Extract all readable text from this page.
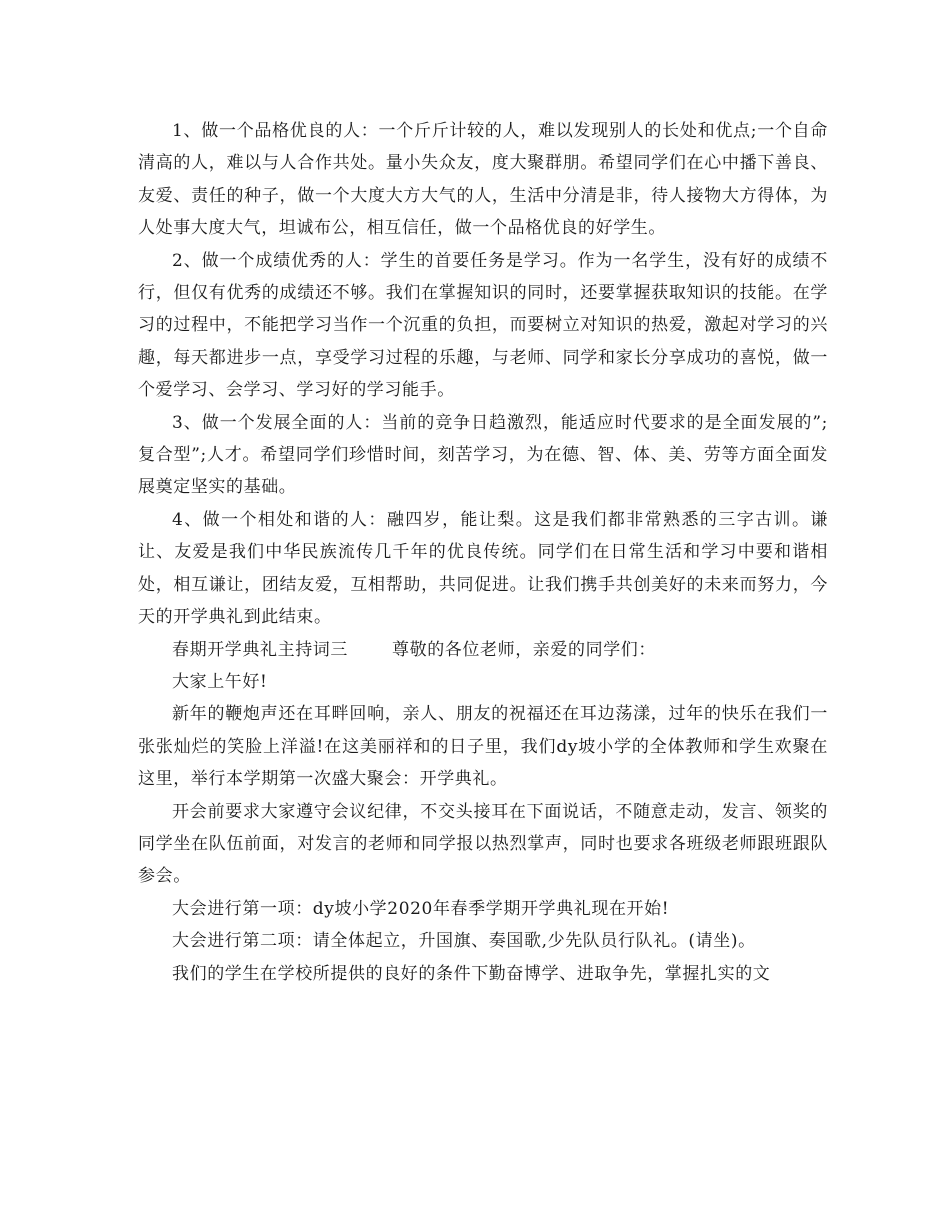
1、做一个品格优良的人：一个斤斤计较的人，难以发现别人的长处和优点;一个自命清高的人，难以与人合作共处。量小失众友，度大聚群朋。希望同学们在心中播下善良、友爱、责任的种子，做一个大度大方大气的人，生活中分清是非，待人接物大方得体，为人处事大度大气，坦诚布公，相互信任，做一个品格优良的好学生。

2、做一个成绩优秀的人：学生的首要任务是学习。作为一名学生，没有好的成绩不行，但仅有优秀的成绩还不够。我们在掌握知识的同时，还要掌握获取知识的技能。在学习的过程中，不能把学习当作一个沉重的负担，而要树立对知识的热爱，激起对学习的兴趣，每天都进步一点，享受学习过程的乐趣，与老师、同学和家长分享成功的喜悦，做一个爱学习、会学习、学习好的学习能手。

3、做一个发展全面的人：当前的竞争日趋激烈，能适应时代要求的是全面发展的”;复合型”;人才。希望同学们珍惜时间，刻苦学习，为在德、智、体、美、劳等方面全面发展奠定坚实的基础。

4、做一个相处和谐的人：融四岁，能让梨。这是我们都非常熟悉的三字古训。谦让、友爱是我们中华民族流传几千年的优良传统。同学们在日常生活和学习中要和谐相处，相互谦让，团结友爱，互相帮助，共同促进。让我们携手共创美好的未来而努力，今天的开学典礼到此结束。

春期开学典礼主持词三	尊敬的各位老师，亲爱的同学们：

大家上午好!

新年的鞭炮声还在耳畔回响，亲人、朋友的祝福还在耳边荡漾，过年的快乐在我们一张张灿烂的笑脸上洋溢!在这美丽祥和的日子里，我们dy坡小学的全体教师和学生欢聚在这里，举行本学期第一次盛大聚会：开学典礼。

开会前要求大家遵守会议纪律，不交头接耳在下面说话，不随意走动，发言、领奖的同学坐在队伍前面，对发言的老师和同学报以热烈掌声，同时也要求各班级老师跟班跟队参会。

大会进行第一项：dy坡小学2020年春季学期开学典礼现在开始!

大会进行第二项：请全体起立，升国旗、奏国歌,少先队员行队礼。(请坐)。

我们的学生在学校所提供的良好的条件下勤奋博学、进取争先，掌握扎实的文
